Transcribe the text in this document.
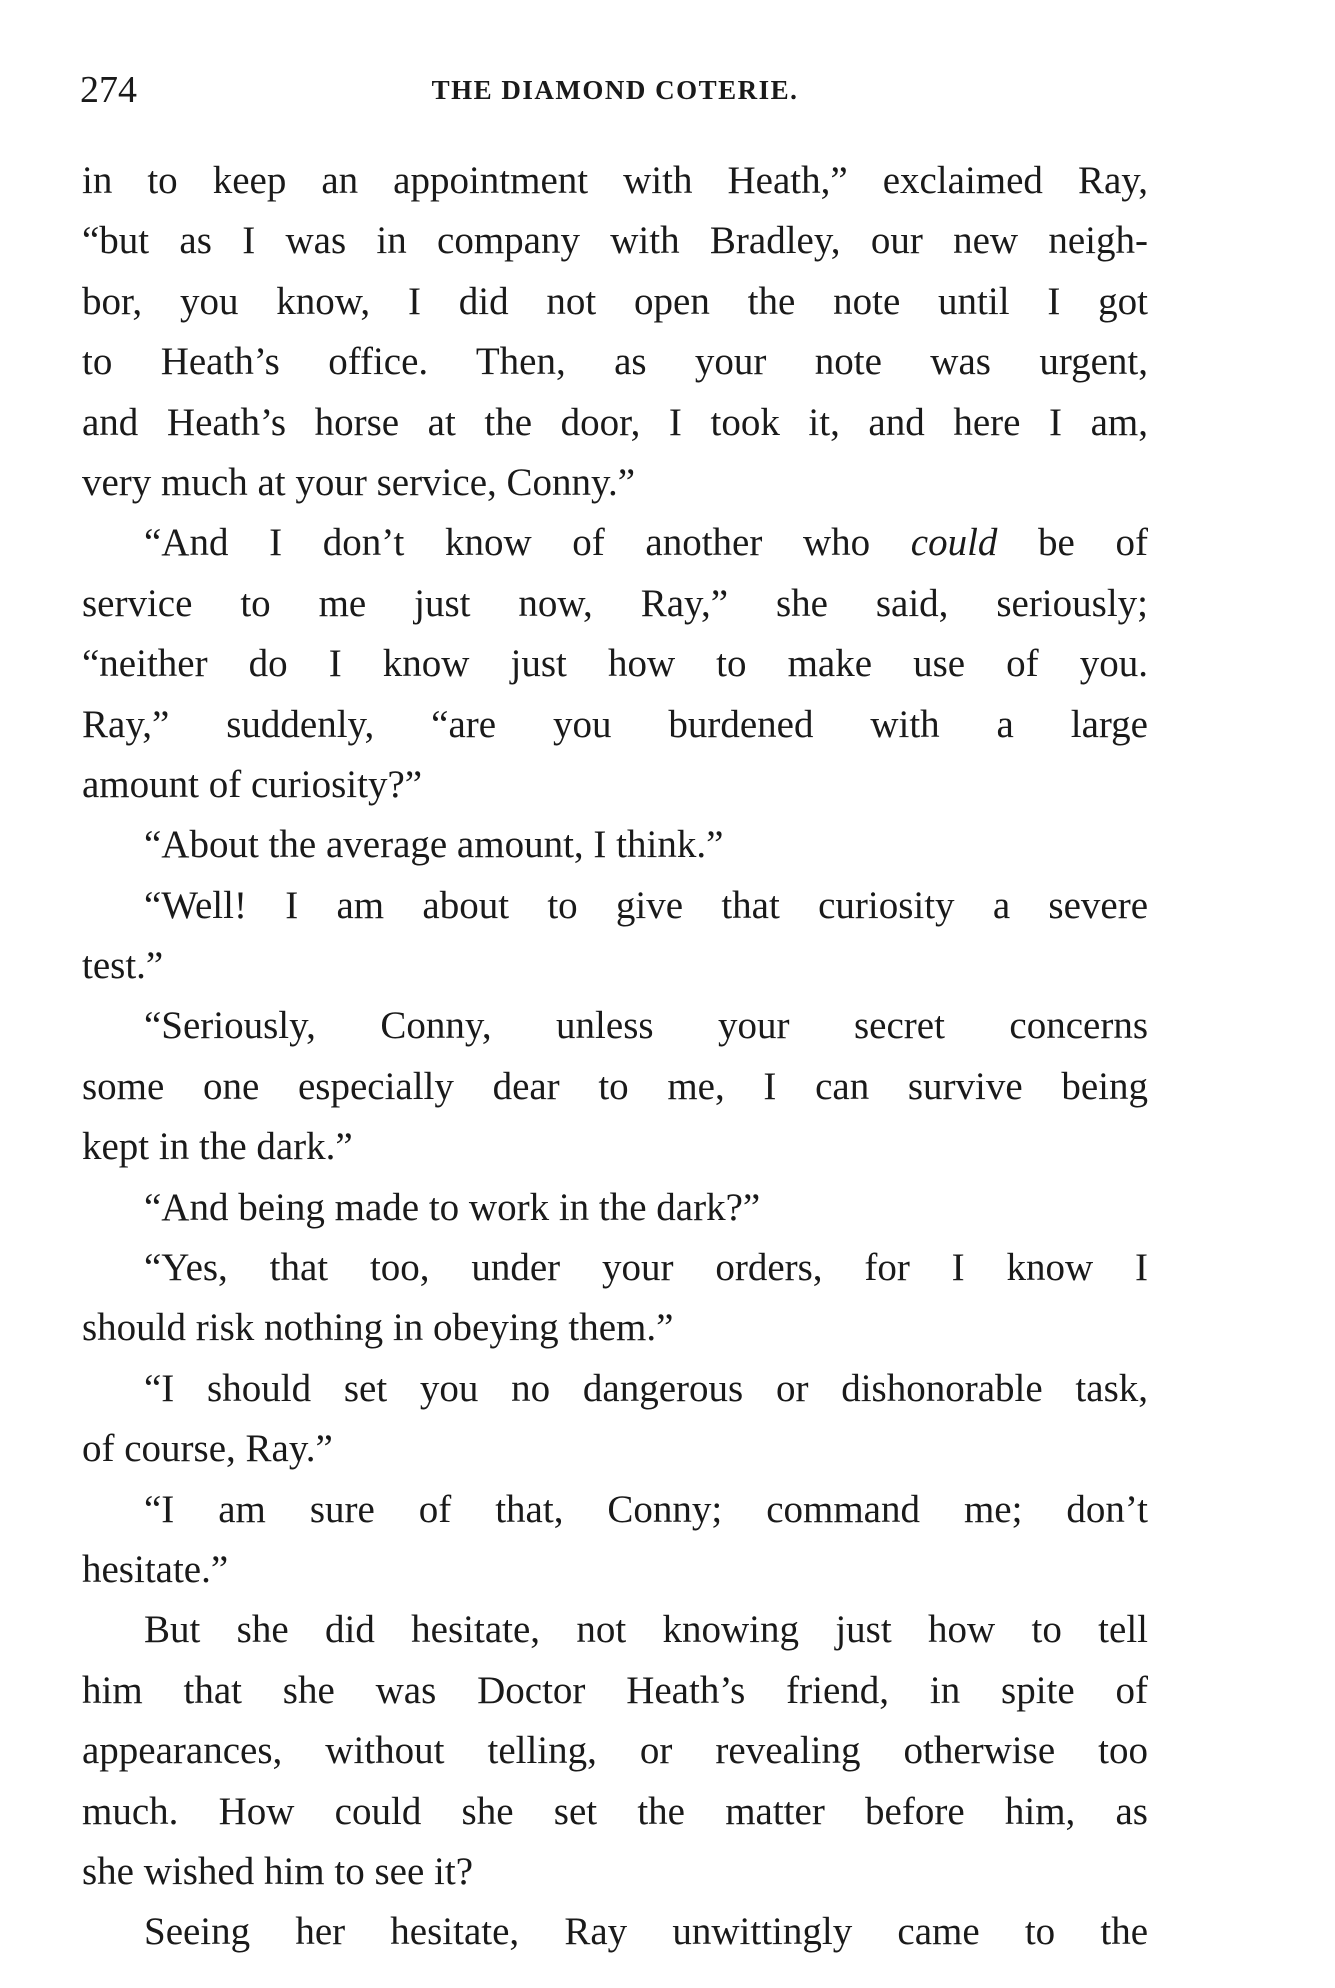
THE DIAMOND COTERIE.
274
in to keep an appointment with Heath,” exclaimed Ray,
“but as I was in company with Bradley, our new neigh-
bor, you know, I did not open the note until I got
to Heath’s office. Then, as your note was urgent,
and Heath’s horse at the door, I took it, and here I am,
very much at your service, Conny.”
“And I don’t know of another who could be of
service to me just now, Ray,” she said, seriously;
“neither do I know just how to make use of you.
Ray,” suddenly, “are you burdened with a large
amount of curiosity?”
“About the average amount, I think.”
“Well! I am about to give that curiosity a severe
test.”
“Seriously, Conny, unless your secret concerns
some one especially dear to me, I can survive being
kept in the dark.”
“And being made to work in the dark?”
“Yes, that too, under your orders, for I know I
should risk nothing in obeying them.”
“I should set you no dangerous or dishonorable task,
of course, Ray.”
“I am sure of that, Conny; command me; don’t
hesitate.”
But she did hesitate, not knowing just how to tell
him that she was Doctor Heath’s friend, in spite of
appearances, without telling, or revealing otherwise too
much. How could she set the matter before him, as
she wished him to see it?
Seeing her hesitate, Ray unwittingly came to the
